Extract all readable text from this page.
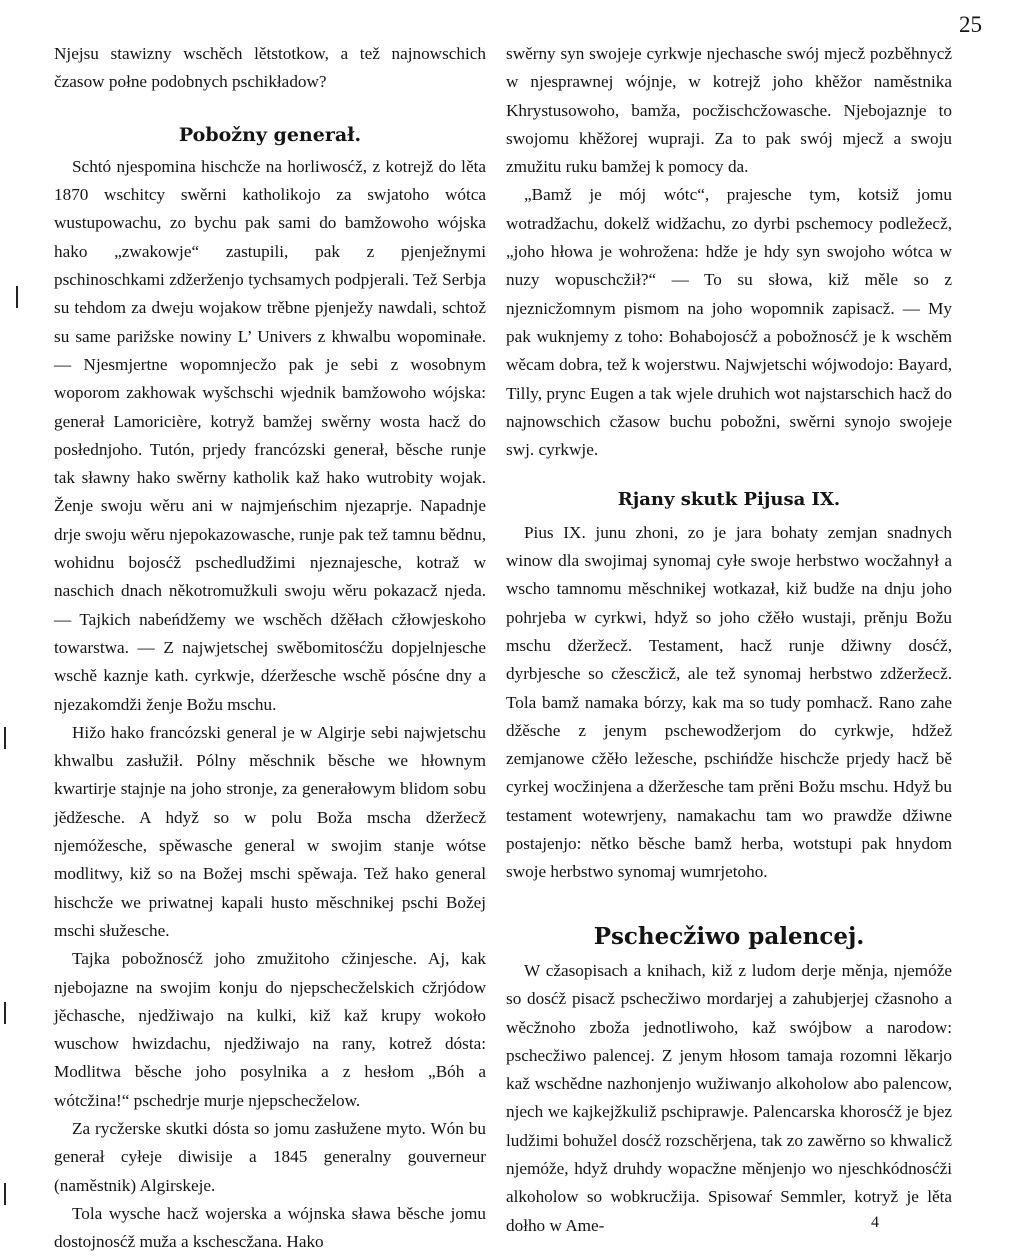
25

Njejsu stawizny wschěch lětstotkow, a tež najnowschich čzasow połne podobnych pschikładow?

Pobožny generał.

Schtó njespomina hischcže na horliwosćž, z kotrejž do lěta 1870 wschitcy swěrni katholikojo za swjatoho wótca wustupowachu, zo bychu pak sami do bamžowoho wójska hako „zwakowje“ zastupili, pak z pjenježnymi pschinoschkami zdžerženjo tychsamych podpjerali. Tež Serbja su tehdom za dweju wojakow trěbne pjenježy nawdali, schtož su same parižske nowiny L’ Univers z khwalbu wopominałe. — Njesmjertne wopomnjecžo pak je sebi z wosobnym woporom zakhowak wyšchschi wjednik bamžowoho wójska: generał Lamoricière, kotryž bamžej swěrny wosta hacž do posłednjoho. Tutón, prjedy francózski generał, běsche runje tak sławny hako swěrny katholik kaž hako wutrobity wojak. Ženje swoju wěru ani w najmjeńschim njezaprje. Napadnje drje swoju wěru njepokazowasche, runje pak tež tamnu bědnu, wohidnu bojosćž pschedludžimi njeznajesche, kotraž w naschich dnach někotromužkuli swoju wěru pokazacž njeda. — Tajkich nabeńdžemy we wschěch džěłach cžłowjeskoho towarstwa. — Z najwjetschej swěbomitosćžu dopjelnjesche wschě kaznje kath. cyrkwje, dźeržesche wschě pósćne dny a njezakomdži ženje Božu mschu.

Hižo hako francózski general je w Algirje sebi najwjetschu khwalbu zasłužił. Pólny měschnik běsche we hłownym kwartirje stajnje na joho stronje, za generałowym blidom sobu jědžesche. A hdyž so w polu Boža mscha džeržecž njemóžesche, spěwasche general w swojim stanje wótse modlitwy, kiž so na Božej mschi spěwaja. Tež hako general hischcže we priwatnej kapali husto měschnikej pschi Božej mschi słužesche.

Tajka pobožnosćž joho zmužitoho cžinjesche. Aj, kak njebojazne na swojim konju do njepschecželskich cžrjódow jěchasche, njedžiwajo na kulki, kiž kaž krupy wokoło wuschow hwizdachu, njedžiwajo na rany, kotrež dósta: Modlitwa běsche joho posylnika a z hesłom „Bóh a wótcžina!“ pschedrje murje njepschecželow.

Za rycžerske skutki dósta so jomu zasłužene myto. Wón bu generał cyłeje diwisije a 1845 generalny gouverneur (naměstnik) Algirskeje.

Tola wysche hacž wojerska a wójnska sława běsche jomu dostojnosćž muža a kschescžana. Hako

swěrny syn swojeje cyrkwje njechasche swój mjecž pozběhnycž w njesprawnej wójnje, w kotrejž joho khěžor naměstnika Khrystusowoho, bamža, pocžischcžowasche. Njebojaznje to swojomu khěžorej wupraji. Za to pak swój mjecž a swoju zmužitu ruku bamžej k pomocy da.

„Bamž je mój wótc“, prajesche tym, kotsiž jomu wotradžachu, dokelž widžachu, zo dyrbi pschemocy podležecž, „joho hłowa je wohrožena: hdže je hdy syn swojoho wótca w nuzy wopuschcžił?“ — To su słowa, kiž měle so z njeznicžomnym pismom na joho wopomnik zapisacž. — My pak wuknjemy z toho: Bohabojosćž a pobožnosćž je k wschěm wěcam dobra, tež k wojerstwu. Najwjetschi wójwodojo: Bayard, Tilly, prync Eugen a tak wjele druhich wot najstarschich hacž do najnowschich cžasow buchu pobožni, swěrni synojo swojeje swj. cyrkwje.

Rjany skutk Pijusa IX.

Pius IX. junu zhoni, zo je jara bohaty zemjan snadnych winow dla swojimaj synomaj cyłe swoje herbstwo wocžahnył a wscho tamnomu měschnikej wotkazał, kiž budže na dnju joho pohrjeba w cyrkwi, hdyž so joho cžěło wustaji, prěnju Božu mschu džeržecž. Testament, hacž runje džiwny dosćž, dyrbjesche so cžescžicž, ale tež synomaj herbstwo zdžeržecž. Tola bamž namaka bórzy, kak ma so tudy pomhacž. Rano zahe džěsche z jenym pschewodžerjom do cyrkwje, hdžež zemjanowe cžěło ležesche, pschińdže hischcže prjedy hacž bě cyrkej wocžinjena a džeržesche tam prěni Božu mschu. Hdyž bu testament wotewrjeny, namakachu tam wo prawdže džiwne postajenjo: nětko běsche bamž herba, wotstupi pak hnydom swoje herbstwo synomaj wumrjetoho.

Pschecžiwo palencej.

W cžasopisach a knihach, kiž z ludom derje měnja, njemóže so dosćž pisacž pschecžiwo mordarjej a zahubjerjej cžasnoho a wěcžnoho zboža jednotliwoho, kaž swójbow a narodow: pschecžiwo palencej. Z jenym hłosom tamaja rozomni lěkarjo kaž wschědne nazhonjenjo wužiwanjo alkoholow abo palencow, njech we kajkejžkuliž pschiprawje. Palencarska khorosćž je bjez ludžimi bohužel dosćž rozschěrjena, tak zo zawěrno so khwalicž njemóže, hdyž druhdy wopacžne měnjenjo wo njeschkódnosćži alkoholow so wobkrucžija. Spisowaŕ Semmler, kotryž je lěta dołho w Ame-	4
